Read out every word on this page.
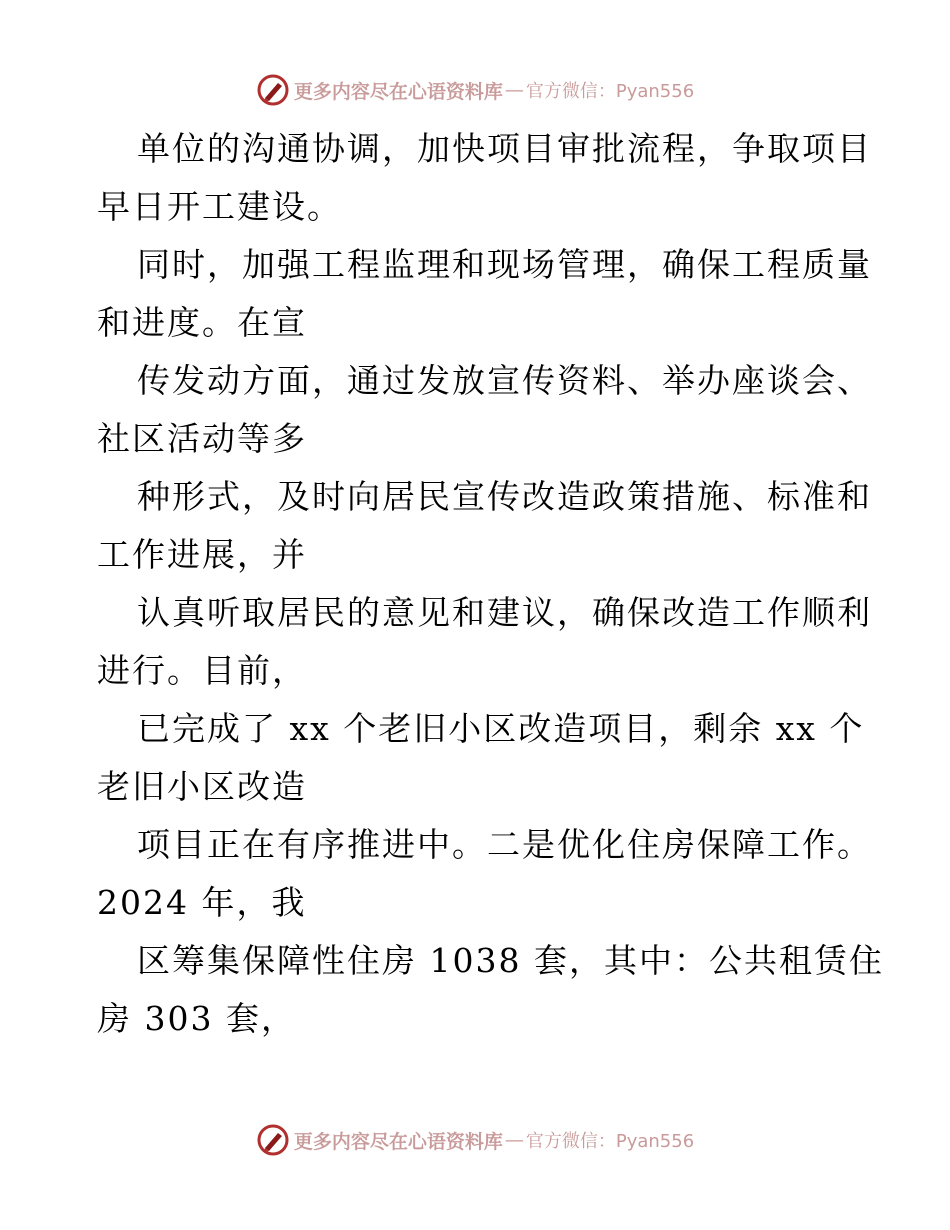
更多内容尽在心语资料库 — 官方微信：Pyan556
单位的沟通协调，加快项目审批流程，争取项目
早日开工建设。
同时，加强工程监理和现场管理，确保工程质量
和进度。在宣
传发动方面，通过发放宣传资料、举办座谈会、
社区活动等多
种形式，及时向居民宣传改造政策措施、标准和
工作进展，并
认真听取居民的意见和建议，确保改造工作顺利
进行。目前，
已完成了 xx 个老旧小区改造项目，剩余 xx 个
老旧小区改造
项目正在有序推进中。二是优化住房保障工作。
2024 年，我
区筹集保障性住房 1038 套，其中：公共租赁住
房 303 套，
更多内容尽在心语资料库 — 官方微信：Pyan556
